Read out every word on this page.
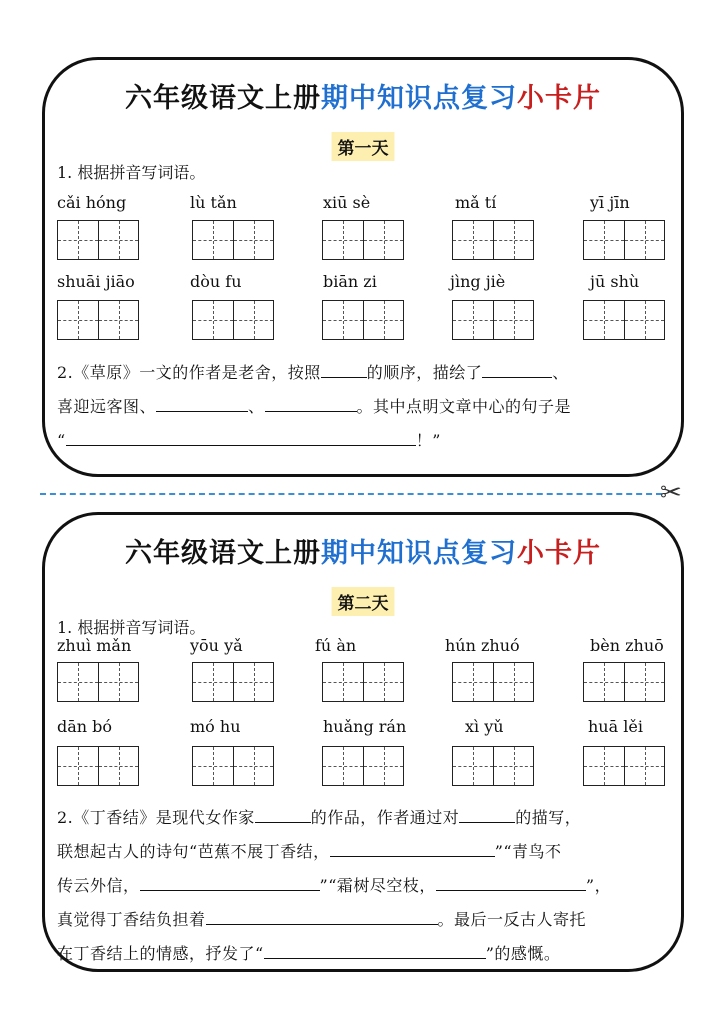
六年级语文上册期中知识点复习小卡片
第一天
1. 根据拼音写词语。
cǎi hóng	lù tǎn	xiū sè	mǎ tí	yī jīn
shuāi jiāo	dòu fu	biān zi	jìng jiè	jū shù
2.《草原》一文的作者是老舍，按照	的顺序，描绘了	、
喜迎远客图、	、	。其中点明文章中心的句子是
“	！”
✂
六年级语文上册期中知识点复习小卡片
第二天
1. 根据拼音写词语。
zhuì mǎn	yōu yǎ	fú àn	hún zhuó	bèn zhuō
dān bó	mó hu	huǎng rán	xì yǔ	huā lěi
2.《丁香结》是现代女作家	的作品，作者通过对	的描写，
联想起古人的诗句“芭蕉不展丁香结，	”“青鸟不
传云外信，	”“霜树尽空枝，	”，
真觉得丁香结负担着	。最后一反古人寄托
在丁香结上的情感，抒发了“	”的感慨。
